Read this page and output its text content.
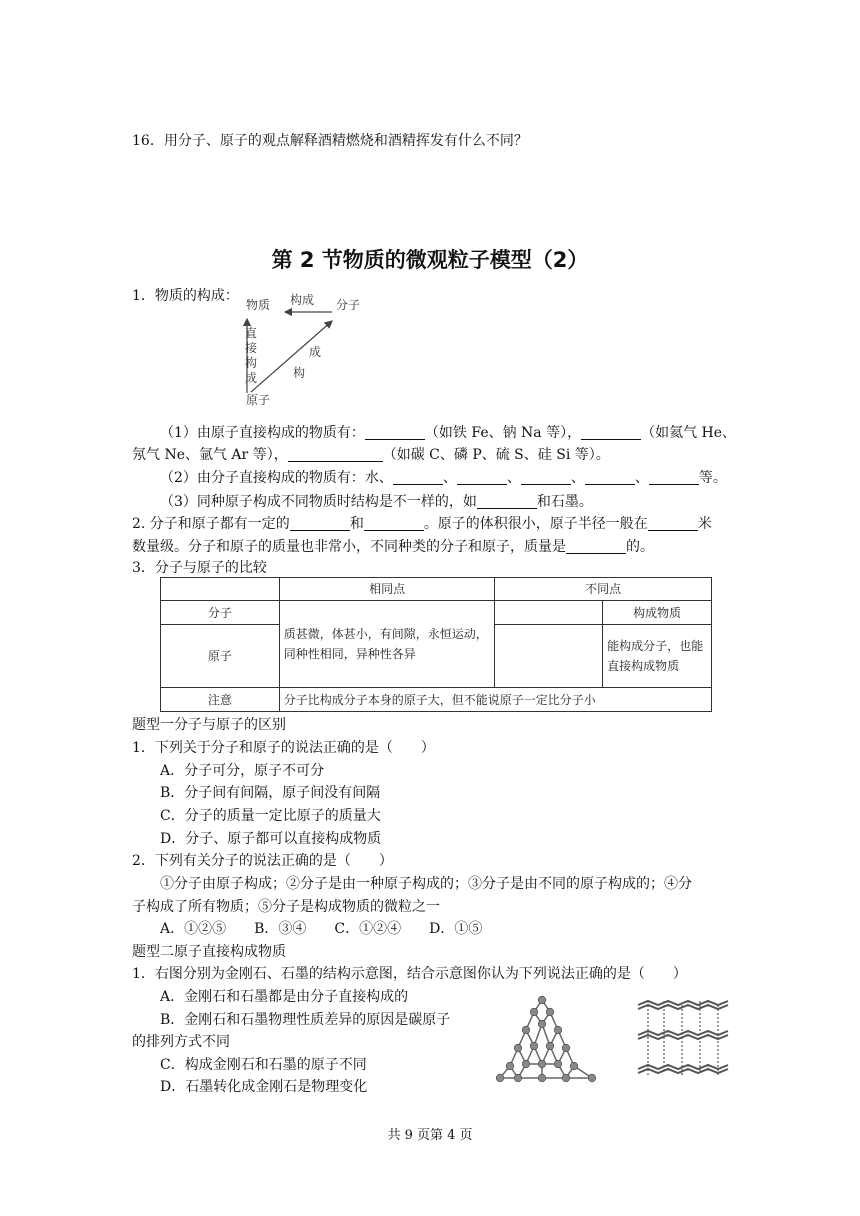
16．用分子、原子的观点解释酒精燃烧和酒精挥发有什么不同？
第 2 节物质的微观粒子模型（2）
1．物质的构成：
物质 构成 分子
直
接
构
成
成
构
原子
（1）由原子直接构成的物质有：	（如铁 Fe、钠 Na 等），	（如氦气 He、
氖气 Ne、氩气 Ar 等），	（如碳 C、磷 P、硫 S、硅 Si 等）。
（2）由分子直接构成的物质有：水、	、	、	、	、	等。
（3）同种原子构成不同物质时结构是不一样的，如	和石墨。
2. 分子和原子都有一定的	和	。原子的体积很小，原子半径一般在	米
数量级。分子和原子的质量也非常小，不同种类的分子和原子，质量是	的。
3．分子与原子的比较
	相同点	不同点	
分子	质甚微，体甚小，有间隙，永恒运动，同种性相同，异种性各异		构成物质
原子			能构成分子，也能直接构成物质
注意	分子比构成分子本身的原子大，但不能说原子一定比分子小		
题型一分子与原子的区别
1．下列关于分子和原子的说法正确的是（　　）
A．分子可分，原子不可分
B．分子间有间隔，原子间没有间隔
C．分子的质量一定比原子的质量大
D．分子、原子都可以直接构成物质
2．下列有关分子的说法正确的是（　　）
①分子由原子构成；②分子是由一种原子构成的；③分子是由不同的原子构成的；④分
子构成了所有物质；⑤分子是构成物质的微粒之一
A．①②⑤　　B．③④　　C．①②④　　D．①⑤
题型二原子直接构成物质
1．右图分别为金刚石、石墨的结构示意图，结合示意图你认为下列说法正确的是（　　）
A．金刚石和石墨都是由分子直接构成的
B．金刚石和石墨物理性质差异的原因是碳原子
的排列方式不同
C．构成金刚石和石墨的原子不同
D．石墨转化成金刚石是物理变化
共 9 页第 4 页
